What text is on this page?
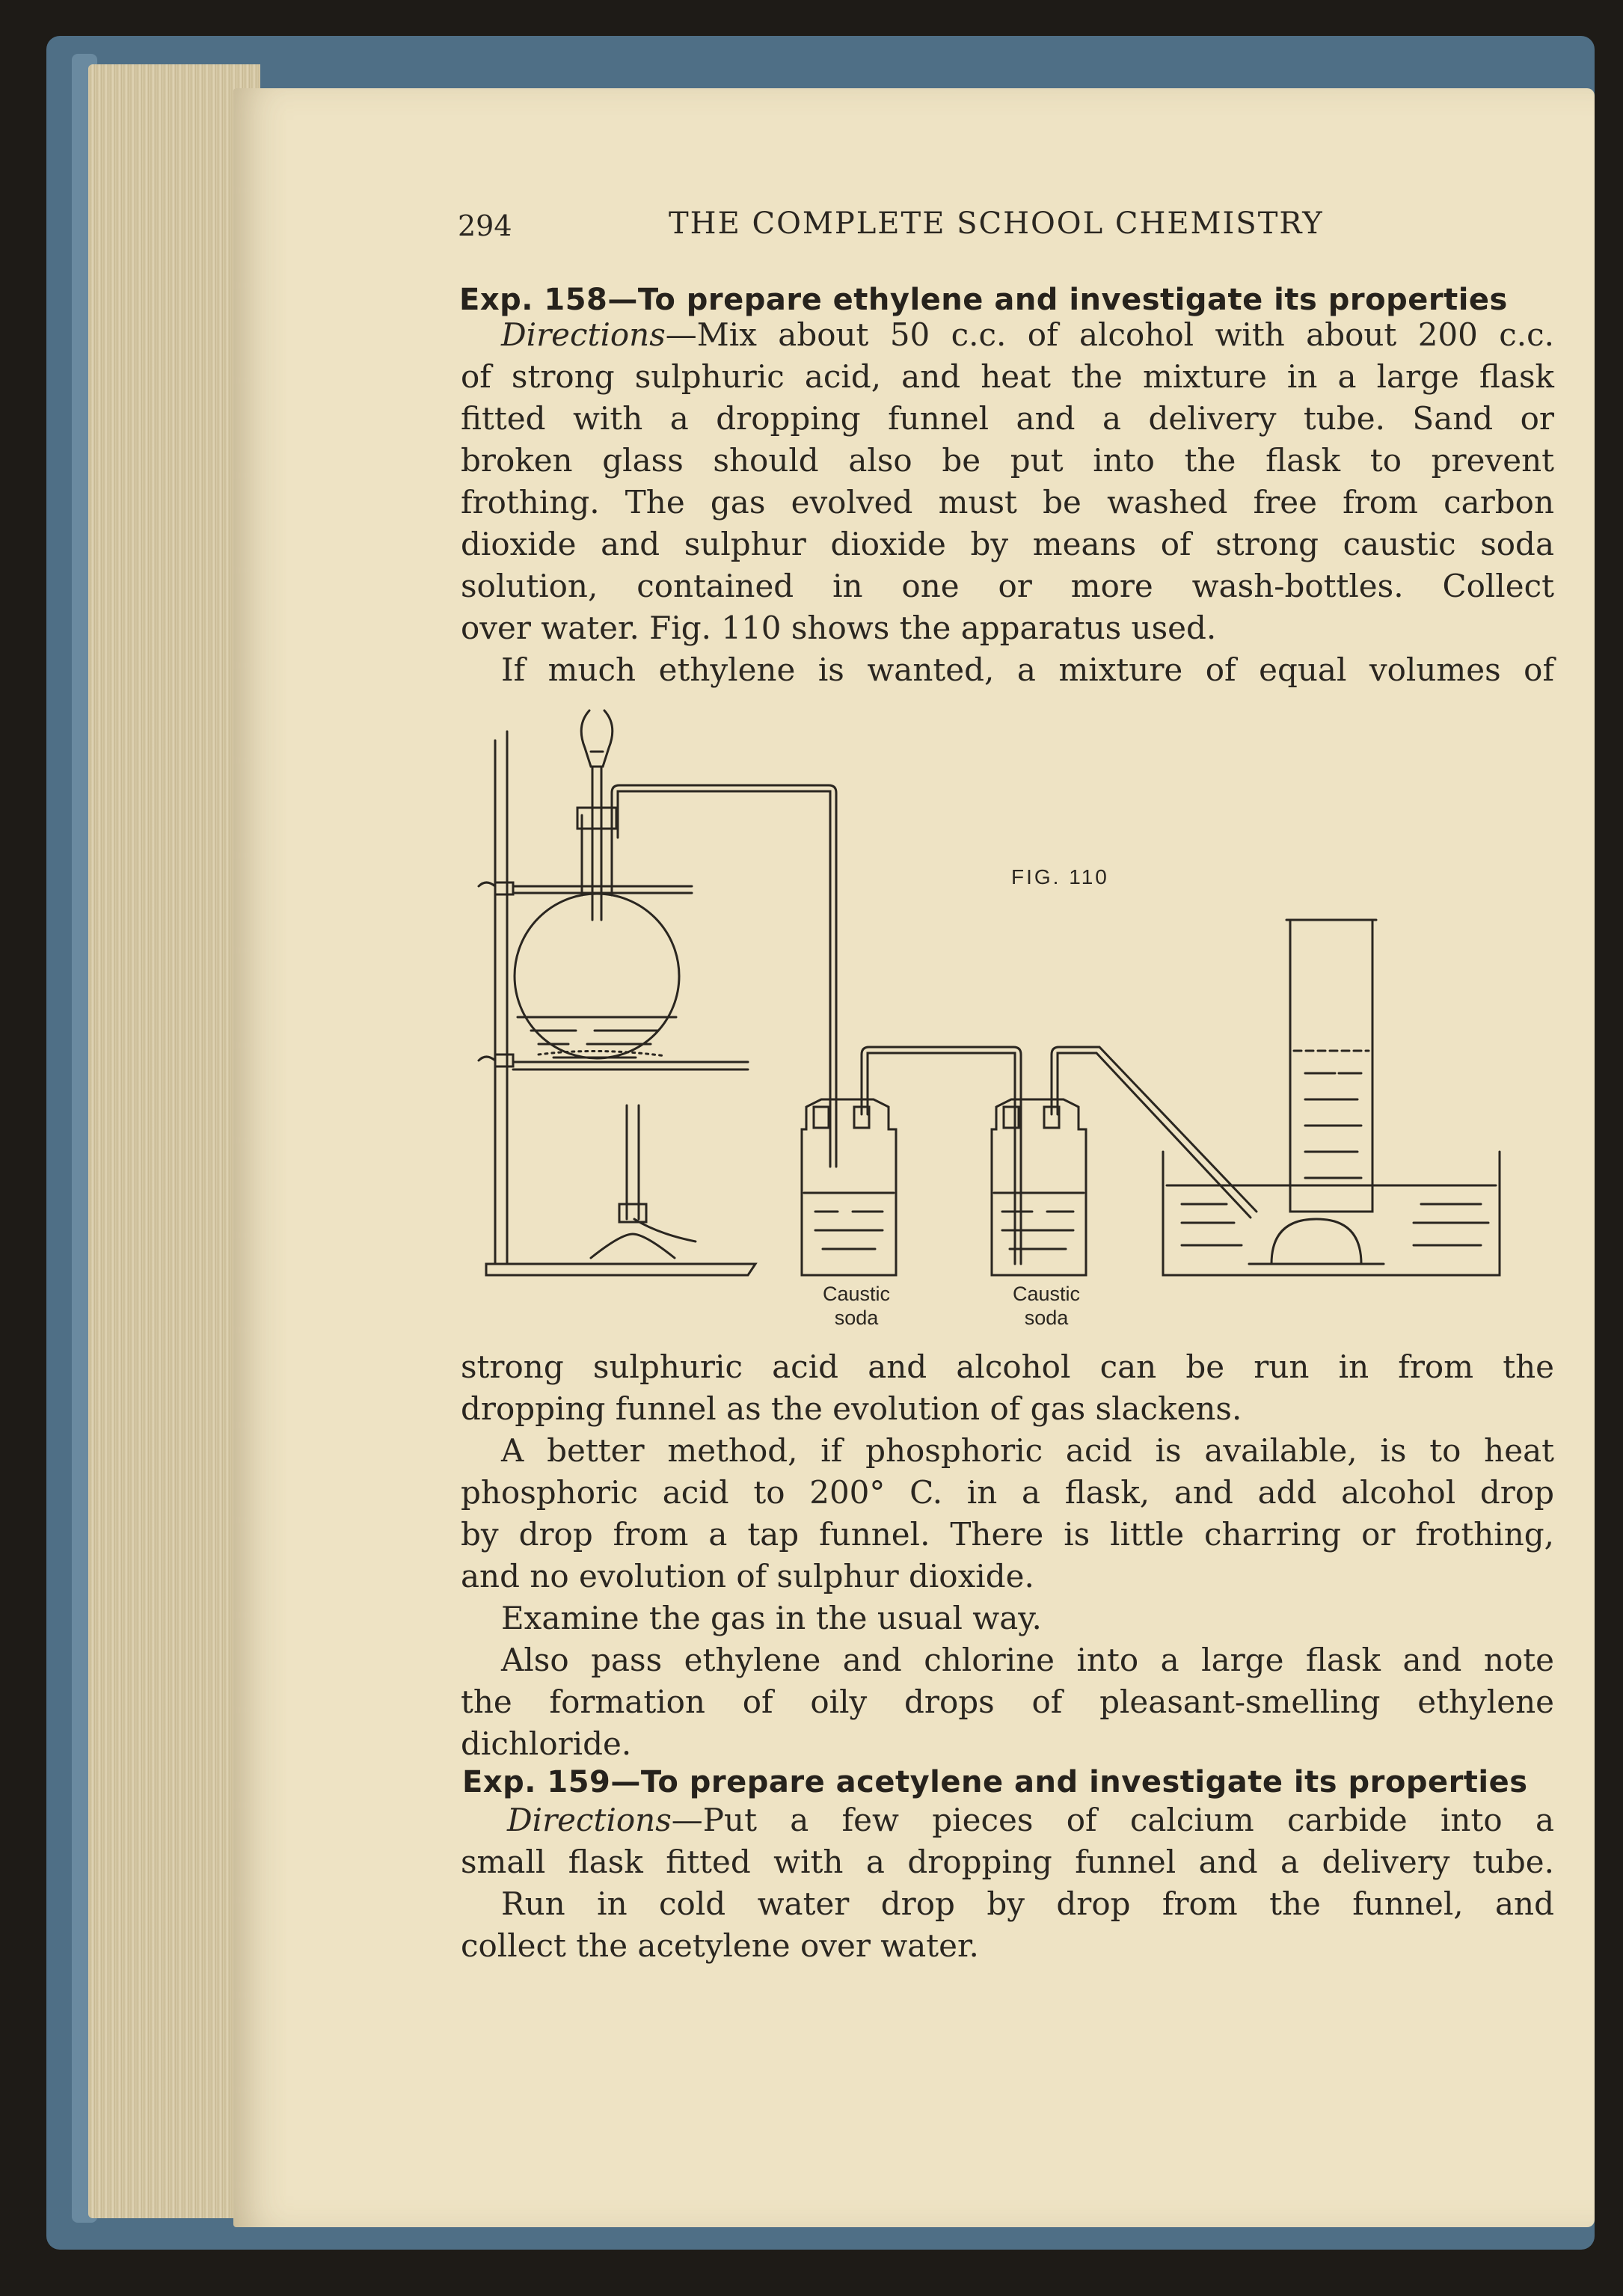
294	THE COMPLETE SCHOOL CHEMISTRY
Exp. 158—To prepare ethylene and investigate its properties
Directions—Mix about 50 c.c. of alcohol with about 200 c.c.
of strong sulphuric acid, and heat the mixture in a large flask
fitted with a dropping funnel and a delivery tube. Sand or
broken glass should also be put into the flask to prevent
frothing. The gas evolved must be washed free from carbon
dioxide and sulphur dioxide by means of strong caustic soda
solution, contained in one or more wash-bottles. Collect
over water. Fig. 110 shows the apparatus used.
If much ethylene is wanted, a mixture of equal volumes of
FIG. 110
Caustic
soda
Caustic
soda
strong sulphuric acid and alcohol can be run in from the
dropping funnel as the evolution of gas slackens.
A better method, if phosphoric acid is available, is to heat
phosphoric acid to 200° C. in a flask, and add alcohol drop
by drop from a tap funnel. There is little charring or frothing,
and no evolution of sulphur dioxide.
Examine the gas in the usual way.
Also pass ethylene and chlorine into a large flask and note
the formation of oily drops of pleasant-smelling ethylene
dichloride.
Exp. 159—To prepare acetylene and investigate its properties
Directions—Put a few pieces of calcium carbide into a
small flask fitted with a dropping funnel and a delivery tube.
Run in cold water drop by drop from the funnel, and
collect the acetylene over water.
